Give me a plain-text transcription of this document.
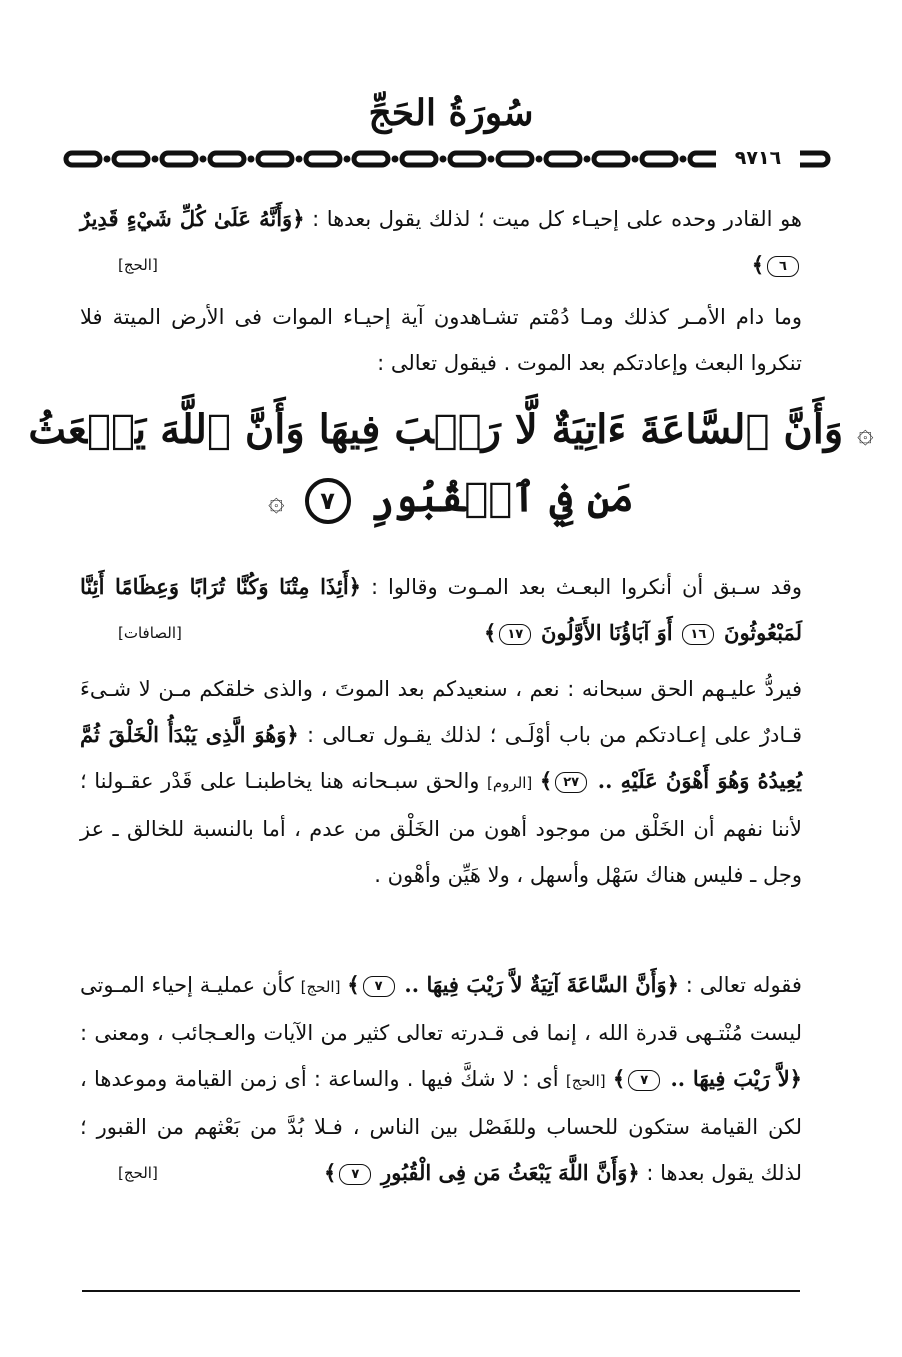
سُورَةُ الحَجِّ
٩٧١٦

هو القادر وحده على إحيـاء كل ميت ؛ لذلك يقول بعدها : ﴿وَأَنَّهُ عَلَىٰ كُلِّ شَيْءٍ قَدِيرٌ ٦﴾
[الحج]

وما دام الأمـر كذلك ومـا دُمْتم تشـاهدون آية إحيـاء الموات فى الأرض الميتة فلا تنكروا البعث وإعادتكم بعد الموت . فيقول تعالى :

۞ وَأَنَّ ٱلسَّاعَةَ ءَاتِيَةٌ لَّا رَيۡبَ فِيهَا وَأَنَّ ٱللَّهَ يَبۡعَثُ
مَن فِي ٱلۡقُبُورِ ٧ ۞

وقد سـبق أن أنكروا البعـث بعد المـوت وقالوا : ﴿أَئِذَا مِتْنَا وَكُنَّا تُرَابًا وَعِظَامًا أَئِنَّا لَمَبْعُوثُونَ ١٦ أَوَ آبَاؤُنَا الأَوَّلُونَ ١٧﴾
[الصافات]

فيردُّ عليـهم الحق سبحانه : نعم ، سنعيدكم بعد الموتَ ، والذى خلقكم مـن لا شـىءَ قـادرٌ على إعـادتكم من باب أوْلَـى ؛ لذلك يقـول تعـالى : ﴿وَهُوَ الَّذِى يَبْدَأُ الْخَلْقَ ثُمَّ يُعِيدُهُ وَهُوَ أَهْوَنُ عَلَيْهِ .. ٢٧﴾ [الروم] والحق سبـحانه هنا يخاطبنـا على قَدْر عقـولنا ؛ لأننا نفهم أن الخَلْق من موجود أهون من الخَلْق من عدم ، أما بالنسبة للخالق ـ عز وجل ـ فليس هناك سَهْل وأسهل ، ولا هَيِّن وأهْون .

فقوله تعالى : ﴿وَأَنَّ السَّاعَةَ آتِيَةٌ لاَّ رَيْبَ فِيهَا .. ٧﴾ [الحج] كأن عمليـة إحياء المـوتى ليست مُنْتـهى قدرة الله ، إنما فى قـدرته تعالى كثير من الآيات والعـجائب ، ومعنى : ﴿لاَّ رَيْبَ فِيهَا .. ٧﴾ [الحج] أى : لا شكَّ فيها . والساعة : أى زمن القيامة وموعدها ، لكن القيامة ستكون للحساب وللفَصْل بين الناس ، فـلا بُدَّ من بَعْثهم من القبور ؛ لذلك يقول بعدها : ﴿وَأَنَّ اللَّهَ يَبْعَثُ مَن فِى الْقُبُورِ ٧﴾
[الحج]
